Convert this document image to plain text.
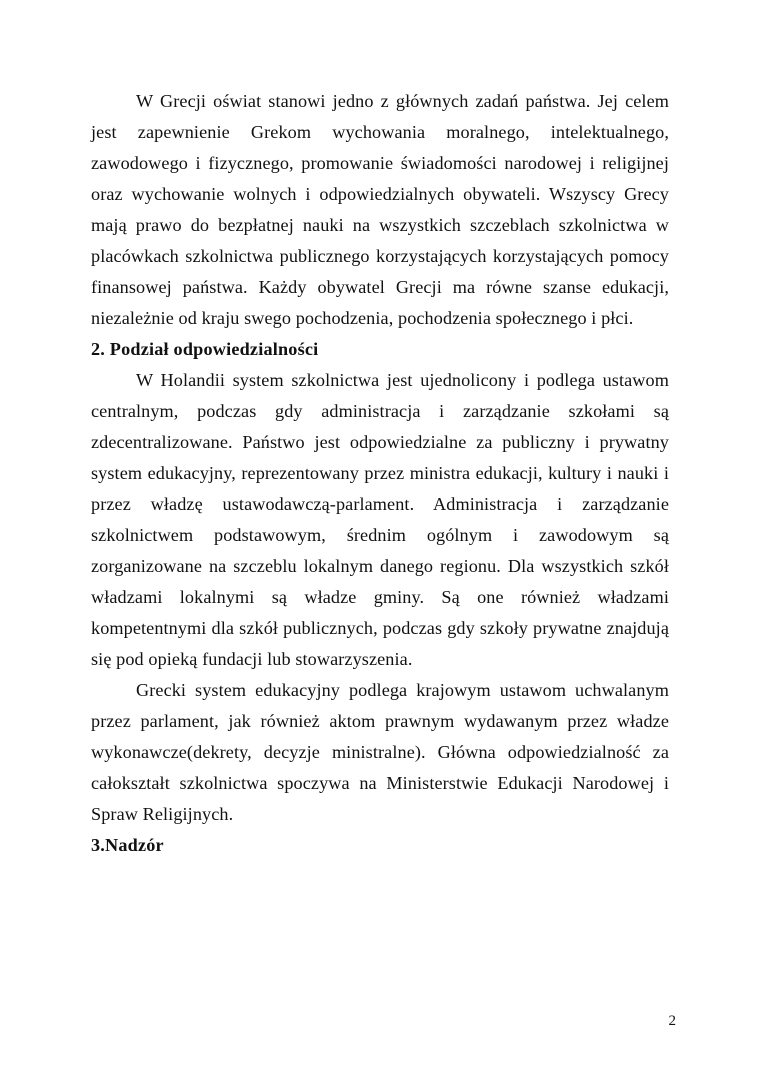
W Grecji oświat stanowi jedno z głównych zadań państwa. Jej celem jest zapewnienie Grekom wychowania moralnego, intelektualnego, zawodowego i fizycznego, promowanie świadomości narodowej i religijnej oraz wychowanie wolnych i odpowiedzialnych obywateli. Wszyscy Grecy mają prawo do bezpłatnej nauki na wszystkich szczeblach szkolnictwa w placówkach szkolnictwa publicznego korzystających korzystających pomocy finansowej państwa. Każdy obywatel Grecji ma równe szanse edukacji, niezależnie od kraju swego pochodzenia, pochodzenia społecznego i płci.

2. Podział odpowiedzialności

W Holandii system szkolnictwa jest ujednolicony i podlega ustawom centralnym, podczas gdy administracja i zarządzanie szkołami są zdecentralizowane. Państwo jest odpowiedzialne za publiczny i prywatny system edukacyjny, reprezentowany przez ministra edukacji, kultury i nauki i przez władzę ustawodawczą-parlament. Administracja i zarządzanie szkolnictwem podstawowym, średnim ogólnym i zawodowym są zorganizowane na szczeblu lokalnym danego regionu. Dla wszystkich szkół władzami lokalnymi są władze gminy. Są one również władzami kompetentnymi dla szkół publicznych, podczas gdy szkoły prywatne znajdują się pod opieką fundacji lub stowarzyszenia.

Grecki system edukacyjny podlega krajowym ustawom uchwalanym przez parlament, jak również aktom prawnym wydawanym przez władze wykonawcze(dekrety, decyzje ministralne). Główna odpowiedzialność za całokształt szkolnictwa spoczywa na Ministerstwie Edukacji Narodowej i Spraw Religijnych.

3.Nadzór
2
